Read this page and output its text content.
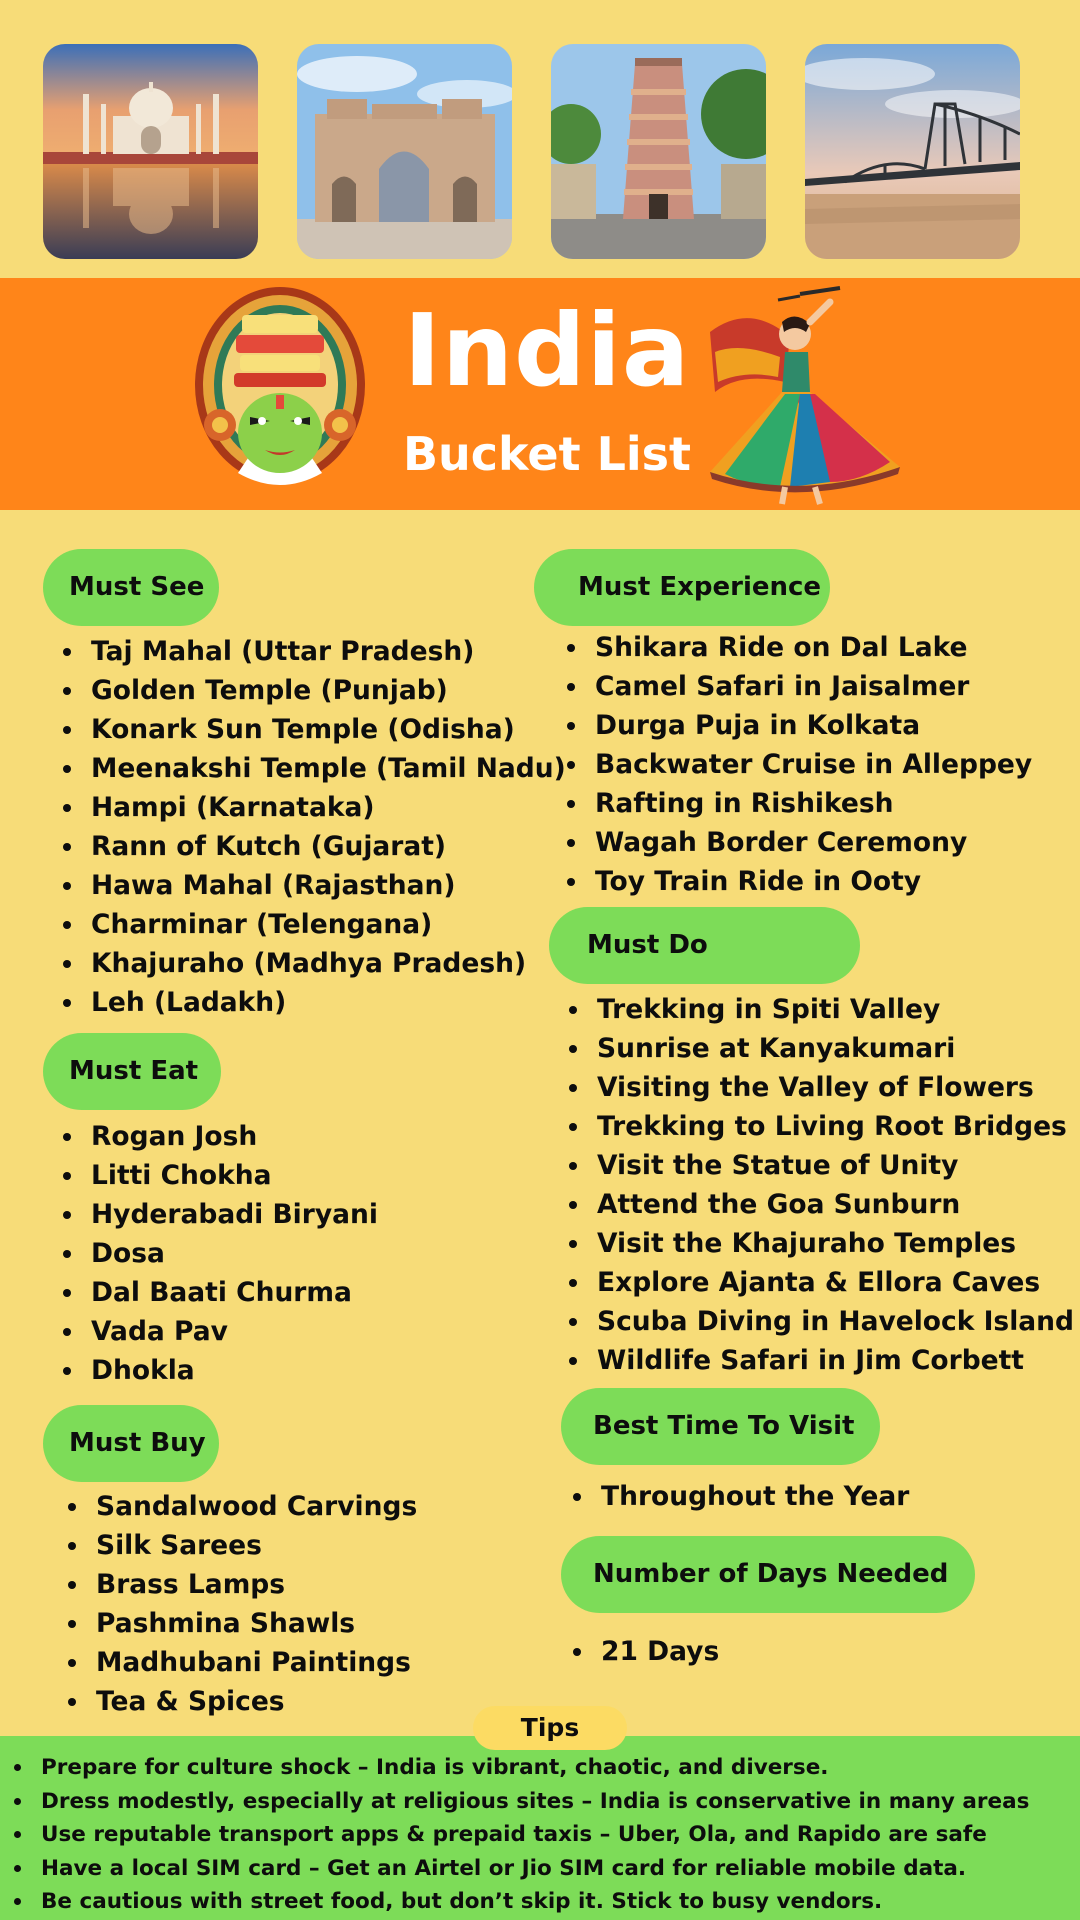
India
Bucket List
Must See
Taj Mahal (Uttar Pradesh)
Golden Temple (Punjab)
Konark Sun Temple (Odisha)
Meenakshi Temple (Tamil Nadu)
Hampi (Karnataka)
Rann of Kutch (Gujarat)
Hawa Mahal (Rajasthan)
Charminar (Telengana)
Khajuraho (Madhya Pradesh)
Leh (Ladakh)
Must Eat
Rogan Josh
Litti Chokha
Hyderabadi Biryani
Dosa
Dal Baati Churma
Vada Pav
Dhokla
Must Buy
Sandalwood Carvings
Silk Sarees
Brass Lamps
Pashmina Shawls
Madhubani Paintings
Tea & Spices
Must Experience
Shikara Ride on Dal Lake
Camel Safari in Jaisalmer
Durga Puja in Kolkata
Backwater Cruise in Alleppey
Rafting in Rishikesh
Wagah Border Ceremony
Toy Train Ride in Ooty
Must Do
Trekking in Spiti Valley
Sunrise at Kanyakumari
Visiting the Valley of Flowers
Trekking to Living Root Bridges
Visit the Statue of Unity
Attend the Goa Sunburn
Visit the Khajuraho Temples
Explore Ajanta & Ellora Caves
Scuba Diving in Havelock Island
Wildlife Safari in Jim Corbett
Best Time To Visit
Throughout the Year
Number of Days Needed
21 Days
Tips
Prepare for culture shock – India is vibrant, chaotic, and diverse.
Dress modestly, especially at religious sites – India is conservative in many areas
Use reputable transport apps & prepaid taxis – Uber, Ola, and Rapido are safe
Have a local SIM card – Get an Airtel or Jio SIM card for reliable mobile data.
Be cautious with street food, but don’t skip it. Stick to busy vendors.
